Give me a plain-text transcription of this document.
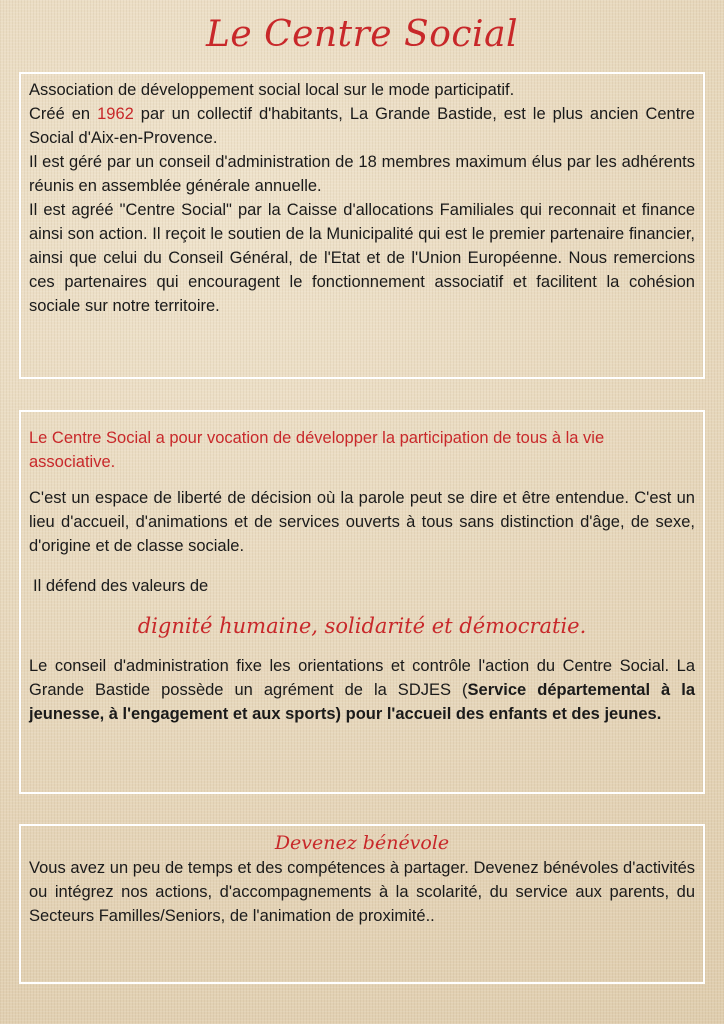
Le Centre Social

Association de développement social local sur le mode participatif.

Créé en 1962 par un collectif d'habitants, La Grande Bastide, est le plus ancien Centre Social d'Aix-en-Provence.

Il est géré par un conseil d'administration de 18 membres maximum élus par les adhérents réunis en assemblée générale annuelle.

Il est agréé "Centre Social" par la Caisse d'allocations Familiales qui reconnait et finance ainsi son action. Il reçoit le soutien de la Municipalité qui est le premier partenaire financier, ainsi que celui du Conseil Général, de l'Etat et de l'Union Européenne. Nous remercions ces partenaires qui encouragent le fonctionnement associatif et facilitent la cohésion sociale sur notre territoire.

Le Centre Social a pour vocation de développer la participation de tous à la vie associative.

C'est un espace de liberté de décision où la parole peut se dire et être entendue. C'est un lieu d'accueil, d'animations et de services ouverts à tous sans distinction d'âge, de sexe, d'origine et de classe sociale.

Il défend des valeurs de

dignité humaine, solidarité et démocratie.

Le conseil d'administration fixe les orientations et contrôle l'action du Centre Social. La Grande Bastide possède un agrément de la SDJES (Service départemental à la jeunesse, à l'engagement et aux sports) pour l'accueil des enfants et des jeunes.

Devenez bénévole

Vous avez un peu de temps et des compétences à partager. Devenez bénévoles d'activités ou intégrez nos actions, d'accompagnements à la scolarité, du service aux parents, du Secteurs Familles/Seniors, de l'animation de proximité..
